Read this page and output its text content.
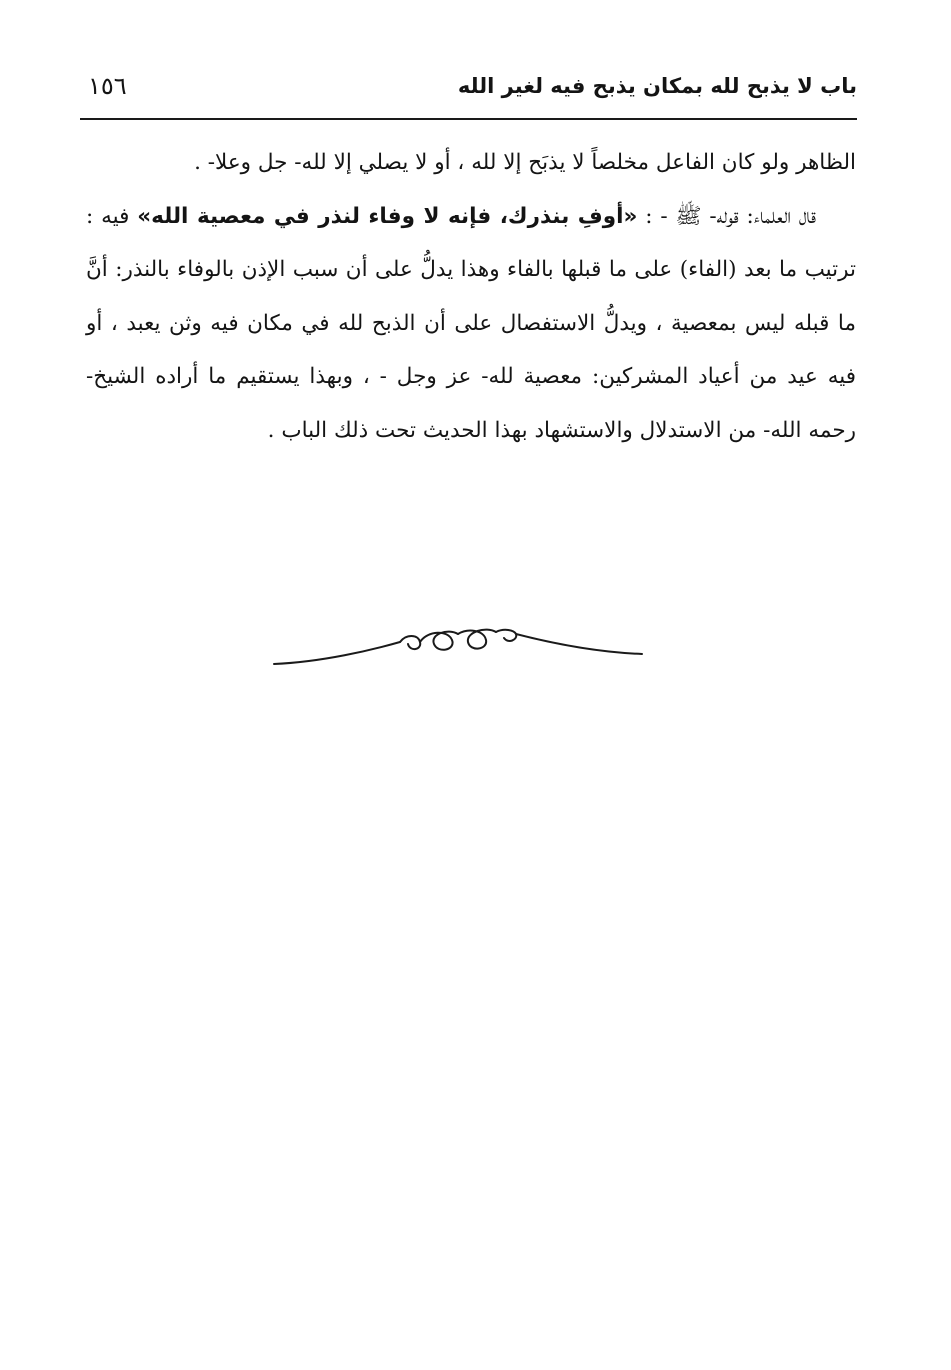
باب لا يذبح لله بمكان يذبح فيه لغير الله
١٥٦

الظاهر ولو كان الفاعل مخلصاً لا يذبَح إلا لله ، أو لا يصلي إلا لله- جل وعلا- .

قال العلماء: قوله- ﷺ - : «أوفِ بنذرك، فإنه لا وفاء لنذر في معصية الله» فيه : ترتيب ما بعد (الفاء) على ما قبلها بالفاء وهذا يدلُّ على أن سبب الإذن بالوفاء بالنذر: أنَّ ما قبله ليس بمعصية ، ويدلُّ الاستفصال على أن الذبح لله في مكان فيه وثن يعبد ، أو فيه عيد من أعياد المشركين: معصية لله- عز وجل - ، وبهذا يستقيم ما أراده الشيخ- رحمه الله- من الاستدلال والاستشهاد بهذا الحديث تحت ذلك الباب .
